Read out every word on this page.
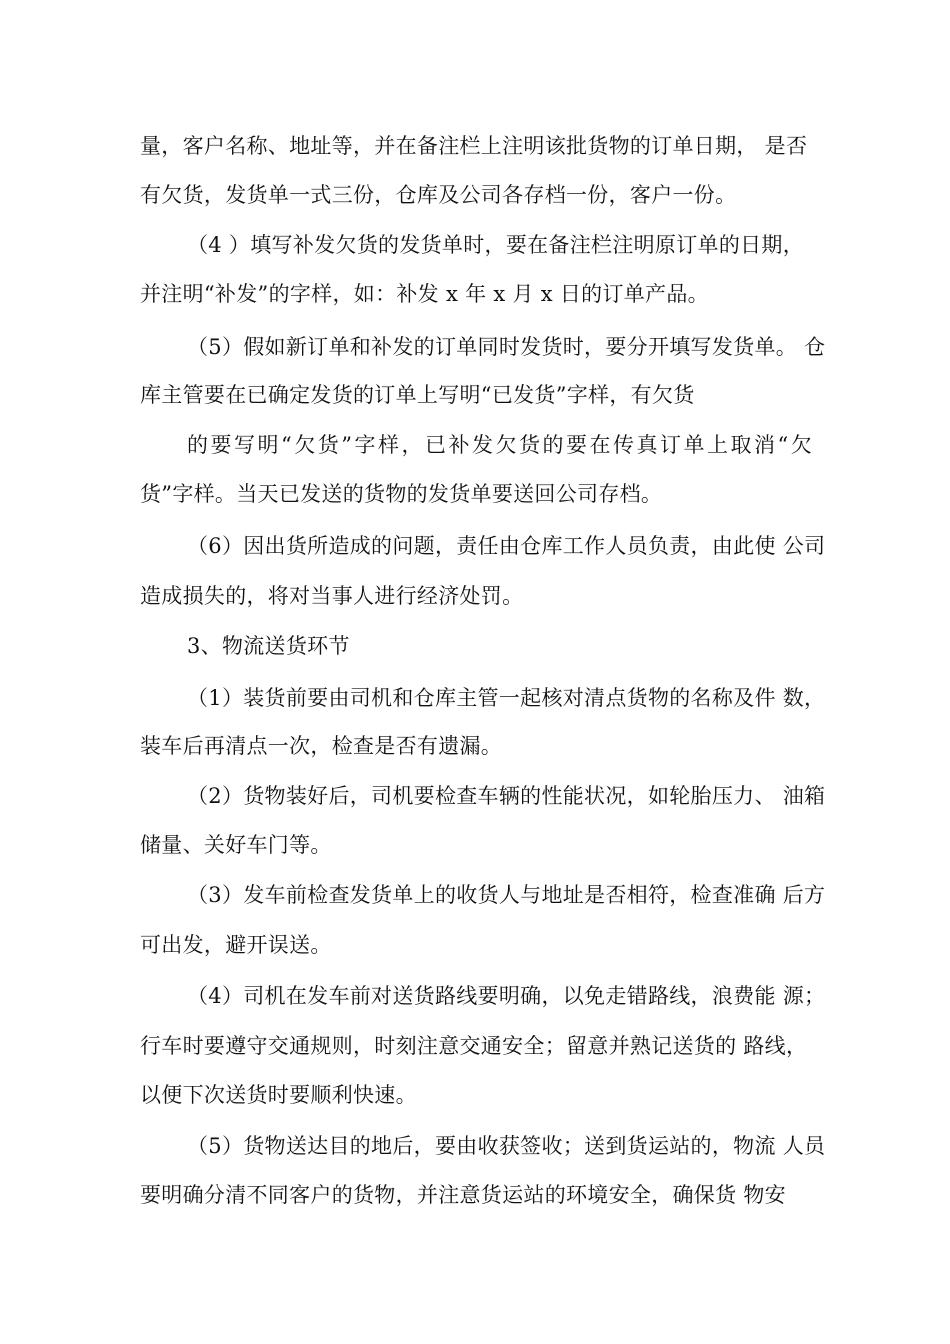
量，客户名称、地址等，并在备注栏上注明该批货物的订单日期， 是否
有欠货，发货单一式三份，仓库及公司各存档一份，客户一份。
（4 ）填写补发欠货的发货单时，要在备注栏注明原订单的日期，
并注明“补发”的字样，如：补发 x 年 x 月 x 日的订单产品。
（5）假如新订单和补发的订单同时发货时，要分开填写发货单。 仓
库主管要在已确定发货的订单上写明“已发货”字样，有欠货
的要写明“欠货”字样，已补发欠货的要在传真订单上取消“欠
货”字样。当天已发送的货物的发货单要送回公司存档。
（6）因出货所造成的问题，责任由仓库工作人员负责，由此使 公司
造成损失的，将对当事人进行经济处罚。
3、物流送货环节
（1）装货前要由司机和仓库主管一起核对清点货物的名称及件 数，
装车后再清点一次，检查是否有遗漏。
（2）货物装好后，司机要检查车辆的性能状况，如轮胎压力、 油箱
储量、关好车门等。
（3）发车前检查发货单上的收货人与地址是否相符，检查准确 后方
可出发，避开误送。
（4）司机在发车前对送货路线要明确，以免走错路线，浪费能 源；
行车时要遵守交通规则，时刻注意交通安全；留意并熟记送货的 路线，
以便下次送货时要顺利快速。
（5）货物送达目的地后，要由收获签收；送到货运站的，物流 人员
要明确分清不同客户的货物，并注意货运站的环境安全，确保货 物安
